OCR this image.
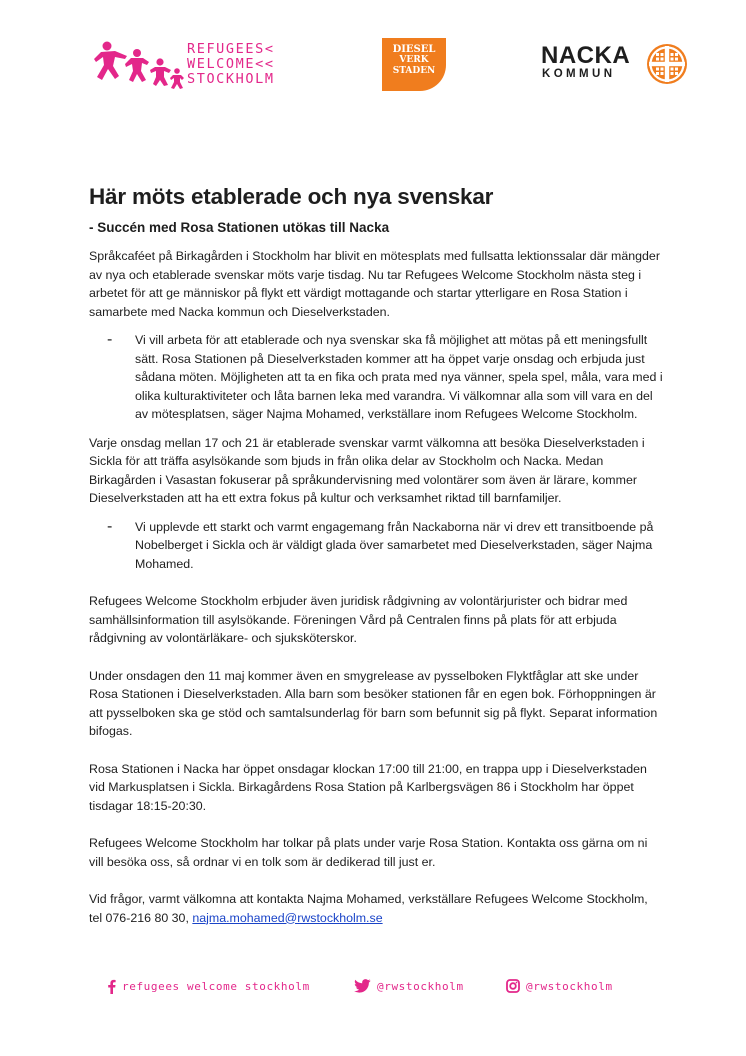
REFUGEES<
WELCOME<<
STOCKHOLM
DIESEL
VERK
STADEN
NACKA
KOMMUN
Här möts etablerade och nya svenskar
- Succén med Rosa Stationen utökas till Nacka

Språkcaféet på Birkagården i Stockholm har blivit en mötesplats med fullsatta lektionssalar där mängder av nya och etablerade svenskar möts varje tisdag. Nu tar Refugees Welcome Stockholm nästa steg i arbetet för att ge människor på flykt ett värdigt mottagande och startar ytterligare en Rosa Station i samarbete med Nacka kommun och Dieselverkstaden.

-	Vi vill arbeta för att etablerade och nya svenskar ska få möjlighet att mötas på ett meningsfullt sätt. Rosa Stationen på Dieselverkstaden kommer att ha öppet varje onsdag och erbjuda just sådana möten. Möjligheten att ta en fika och prata med nya vänner, spela spel, måla, vara med i olika kulturaktiviteter och låta barnen leka med varandra. Vi välkomnar alla som vill vara en del av mötesplatsen, säger Najma Mohamed, verkställare inom Refugees Welcome Stockholm.

Varje onsdag mellan 17 och 21 är etablerade svenskar varmt välkomna att besöka Dieselverkstaden i Sickla för att träffa asylsökande som bjuds in från olika delar av Stockholm och Nacka. Medan Birkagården i Vasastan fokuserar på språkundervisning med volontärer som även är lärare, kommer Dieselverkstaden att ha ett extra fokus på kultur och verksamhet riktad till barnfamiljer.

-	Vi upplevde ett starkt och varmt engagemang från Nackaborna när vi drev ett transitboende på Nobelberget i Sickla och är väldigt glada över samarbetet med Dieselverkstaden, säger Najma Mohamed.

Refugees Welcome Stockholm erbjuder även juridisk rådgivning av volontärjurister och bidrar med samhällsinformation till asylsökande. Föreningen Vård på Centralen finns på plats för att erbjuda rådgivning av volontärläkare- och sjuksköterskor.

Under onsdagen den 11 maj kommer även en smygrelease av pysselboken Flyktfåglar att ske under Rosa Stationen i Dieselverkstaden. Alla barn som besöker stationen får en egen bok. Förhoppningen är att pysselboken ska ge stöd och samtalsunderlag för barn som befunnit sig på flykt. Separat information bifogas.

Rosa Stationen i Nacka har öppet onsdagar klockan 17:00 till 21:00, en trappa upp i Dieselverkstaden vid Markusplatsen i Sickla. Birkagårdens Rosa Station på Karlbergsvägen 86 i Stockholm har öppet tisdagar 18:15-20:30.

Refugees Welcome Stockholm har tolkar på plats under varje Rosa Station. Kontakta oss gärna om ni vill besöka oss, så ordnar vi en tolk som är dedikerad till just er.

Vid frågor, varmt välkomna att kontakta Najma Mohamed, verkställare Refugees Welcome Stockholm, tel 076-216 80 30, najma.mohamed@rwstockholm.se

refugees welcome stockholm	@rwstockholm	@rwstockholm
